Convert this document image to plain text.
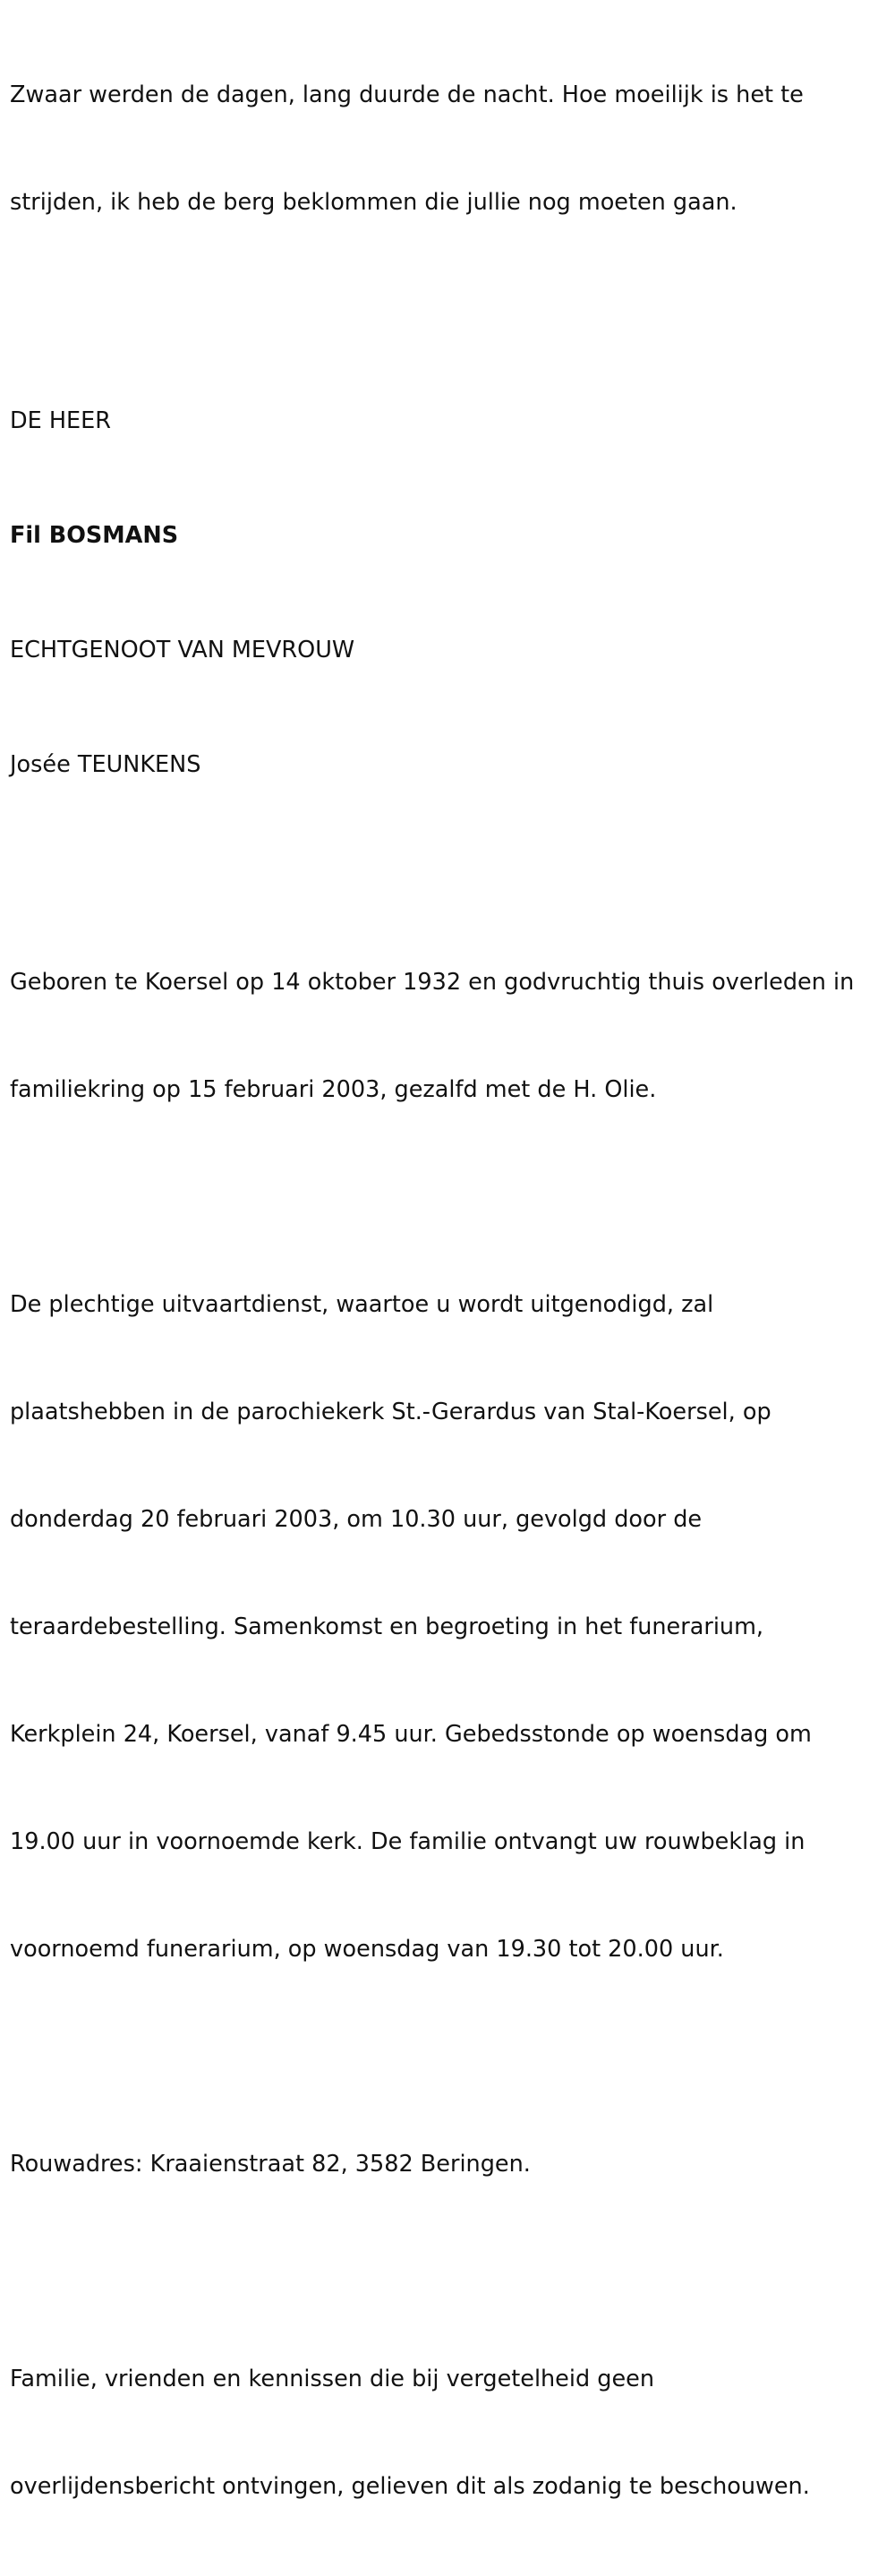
Zwaar werden de dagen, lang duurde de nacht. Hoe moeilijk is het te

strijden, ik heb de berg beklommen die jullie nog moeten gaan.

DE HEER

Fil BOSMANS

ECHTGENOOT VAN MEVROUW

Josée TEUNKENS

Geboren te Koersel op 14 oktober 1932 en godvruchtig thuis overleden in

familiekring op 15 februari 2003, gezalfd met de H. Olie.

De plechtige uitvaartdienst, waartoe u wordt uitgenodigd, zal

plaatshebben in de parochiekerk St.-Gerardus van Stal-Koersel, op

donderdag 20 februari 2003, om 10.30 uur, gevolgd door de

teraardebestelling. Samenkomst en begroeting in het funerarium,

Kerkplein 24, Koersel, vanaf 9.45 uur. Gebedsstonde op woensdag om

19.00 uur in voornoemde kerk. De familie ontvangt uw rouwbeklag in

voornoemd funerarium, op woensdag van 19.30 tot 20.00 uur.

Rouwadres: Kraaienstraat 82, 3582 Beringen.

Familie, vrienden en kennissen die bij vergetelheid geen

overlijdensbericht ontvingen, gelieven dit als zodanig te beschouwen.
